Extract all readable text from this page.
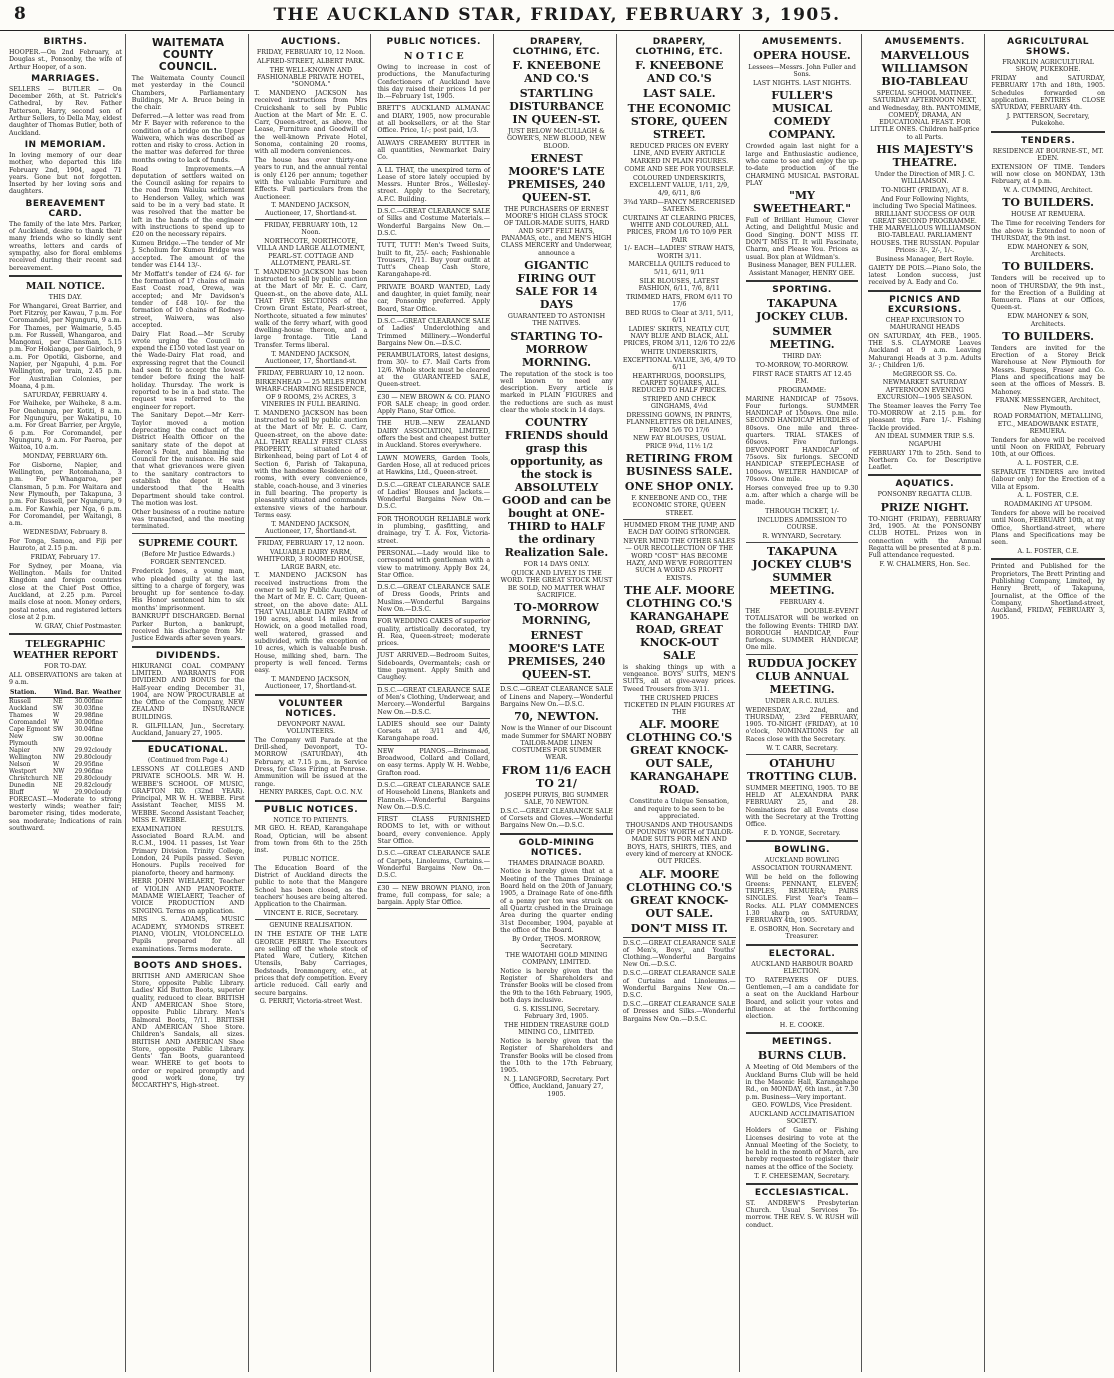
8	THE AUCKLAND STAR, FRIDAY, FEBRUARY 3, 1905.
BIRTHS.
HOOPER.—On 2nd February, at Douglas st., Ponsonby, the wife of Arthur Hooper, of a son.
MARRIAGES.
SELLERS — BUTLER — On December 26th, at St. Patrick's Cathedral, by Rev. Father Patterson, Harry, second son of Arthur Sellers, to Della May, eldest daughter of Thomas Butler, both of Auckland.
IN MEMORIAM.
In loving memory of our dear mother, who departed this life February 2nd, 1904, aged 71 years. Gone but not forgotten. Inserted by her loving sons and daughters.
BEREAVEMENT CARD.
The family of the late Mrs. Parker, of Auckland, desire to thank their many friends who so kindly sent wreaths, letters and cards of sympathy, also for floral emblems received during their recent sad bereavement.
MAIL NOTICE.
THIS DAY.
For Whangarei, Great Barrier, and Port Fitzroy, per Kawau, 7 p.m. For Coromandel, per Ngunguru, 9 a.m. For Thames, per Waimarie, 5.45 p.m. For Russell, Whangaroa, and Mangonui, per Clansman, 5.15 p.m. For Hokianga, per Gairloch, 9 a.m. For Opotiki, Gisborne, and Napier, per Ngapuhi, 4 p.m. For Wellington, per train, 2.45 p.m. For Australian Colonies, per Moana, 4 p.m.
SATURDAY, FEBRUARY 4.
For Waiheke, per Waiheke, 8 a.m. For Onehunga, per Kotiti, 8 a.m. For Ngunguru, per Wakatipu, 10 a.m. For Great Barrier, per Argyle, 6 p.m. For Coromandel, per Ngunguru, 9 a.m. For Paeroa, per Waitoa, 10 a.m.
MONDAY, FEBRUARY 6th.
For Gisborne, Napier, and Wellington, per Rotomahana, 3 p.m. For Whangaroa, per Clansman, 5 p.m. For Waitara and New Plymouth, per Takapuna, 3 p.m. For Russell, per Ngunguru, 9 a.m. For Kawhia, per Nga, 6 p.m. For Coromandel, per Waitangi, 8 a.m.
WEDNESDAY, February 8.
For Tonga, Samoa, and Fiji per Hauroto, at 2.15 p.m.
FRIDAY, February 17.
For Sydney, per Moana, via Wellington. Mails for United Kingdom and foreign countries close at the Chief Post Office, Auckland, at 2.25 p.m. Parcel mails close at noon. Money orders, postal notes, and registered letters close at 2 p.m.
W. GRAY, Chief Postmaster.
TELEGRAPHIC WEATHER REPORT
FOR TO-DAY.
ALL OBSERVATIONS are taken at 9 a.m.
Station.	Wind.	Bar.	Weather
Russell	NE	30.00	fine
Auckland	SW	30.03	fine
Thames	W	29.98	fine
Coromandel	W	30.00	fine
Cape Egmont	SW	30.04	fine
New Plymouth	SW	30.00	fine
Napier	NW	29.92	cloudy
Wellington	NW	29.80	cloudy
Nelson	W	29.95	fine
Westport	NW	29.96	fine
Christchurch	NE	29.80	cloudy
Dunedin	NE	29.82	cloudy
Bluff	W	29.90	cloudy
FORECAST.—Moderate to strong westerly winds; weather fair; barometer rising, tides moderate, sea moderate; Indications of rain southward.
WAITEMATA COUNTY COUNCIL.
The Waitemata County Council met yesterday in the Council Chambers, Parliamentary Buildings, Mr A. Bruce being in the chair.
Deferred.—A letter was read from Mr F. Bayer with reference to the condition of a bridge on the Upper Waiwera, which was described as rotten and risky to cross. Action in the matter was deferred for three months owing to lack of funds.
Road Improvements.—A deputation of settlers waited on the Council asking for repairs to the road from Waiuku settlement to Henderson Valley, which was said to be in a very bad state. It was resolved that the matter be left in the hands of the engineer with instructions to spend up to £20 on the necessary repairs.
Kumeu Bridge.—The tender of Mr J. Scholium for Kumeu Bridge was accepted. The amount of the tender was £144 13/-.
Mr Moffatt's tender of £24 6/- for the formation of 17 chains of main East Coast road, Orewa, was accepted; and Mr Davidson's tender of £48 10/- for the formation of 10 chains of Rodney-street, Waiwera, was also accepted.
Dairy Flat Road.—Mr Scruby wrote urging the Council to expend the £150 voted last year on the Wade-Dairy Flat road, and expressing regret that the Council had seen fit to accept the lowest tender before fixing the half-holiday. Thursday. The work is reported to be in a bad state. The request was referred to the engineer for report.
The Sanitary Depot.—Mr Kerr-Taylor moved a motion deprecating the conduct of the District Health Officer on the sanitary state of the depot at Heron's Point, and blaming the Council for the nuisance. He said that what grievances were given to the sanitary contractors to establish the depot it was understood that the Health Department should take control. The motion was lost.
Other business of a routine nature was transacted, and the meeting terminated.
SUPREME COURT.
(Before Mr Justice Edwards.)
FORGER SENTENCED.
Frederick Jones, a young man, who pleaded guilty at the last sitting to a charge of forgery, was brought up for sentence to-day. His Honor sentenced him to six months' imprisonment.
BANKRUPT DISCHARGED. Bernal Parker Burton, a bankrupt, received his discharge from Mr Justice Edwards after seven years.
DIVIDENDS.
HIKURANGI COAL COMPANY LIMITED. WARRANTS FOR DIVIDEND AND BONUS for the Half-year ending December 31, 1904, are NOW PROCURABLE at the Office of the Company, NEW ZEALAND INSURANCE BUILDINGS.
R. GILFILLAN, Jun., Secretary. Auckland, January 27, 1905.
EDUCATIONAL.
(Continued from Page 4.)
LESSONS AT COLLEGES AND PRIVATE SCHOOLS. MR W. H. WEBBE'S SCHOOL OF MUSIC, GRAFTON RD. (32nd YEAR). Principal, MR W. H. WEBBE. First Assistant Teacher, MISS M. WEBBE. Second Assistant Teacher, MISS E. WEBBE.
EXAMINATION RESULTS. Associated Board R.A.M. and R.C.M., 1904. 11 passes, 1st Year Primary Division. Trinity College, London, 24 Pupils passed. Seven Honours. Pupils received for pianoforte, theory and harmony.
HERR JOHN WIELAERT, Teacher of VIOLIN AND PIANOFORTE. MADAME WIELAERT, Teacher of VOICE PRODUCTION AND SINGING. Terms on application.
MRS S. ADAMS, MUSIC ACADEMY, SYMONDS STREET. PIANO, VIOLIN, VIOLONCELLO. Pupils prepared for all examinations. Terms moderate.
BOOTS AND SHOES.
BRITISH AND AMERICAN Shoe Store, opposite Public Library. Ladies' Kid Button Boots, superior quality, reduced to clear. BRITISH AND AMERICAN Shoe Store, opposite Public Library. Men's Balmoral Boots, 7/11. BRITISH AND AMERICAN Shoe Store. Children's Sandals, all sizes. BRITISH AND AMERICAN Shoe Store, opposite Public Library. Gents' Tan Boots, guaranteed wear. WHERE to get boots to order or repaired promptly and good work done, try MCCARTHY'S, High-street.
AUCTIONS.
FRIDAY, FEBRUARY 10, 12 Noon.
ALFRED-STREET, ALBERT PARK.
THE WELL-KNOWN AND FASHIONABLE PRIVATE HOTEL, "SONOMA."
T. MANDENO JACKSON has received instructions from Mrs Cruickshank to sell by Public Auction at the Mart of Mr. E. C. Carr, Queen-street, as above, the Lease, Furniture and Goodwill of the well-known Private Hotel, Sonoma, containing 20 rooms, with all modern conveniences.
The house has over thirty-one years to run, and the annual rental is only £126 per annum; together with the valuable Furniture and Effects. Full particulars from the Auctioneer.
T. MANDENO JACKSON, Auctioneer, 17, Shortland-st.
FRIDAY, FEBRUARY 10th, 12 Noon.
NORTHCOTE, NORTHCOTE, VILLA AND LARGE ALLOTMENT, PEARL-ST. COTTAGE AND ALLOTMENT, PEARL-ST.
T. MANDENO JACKSON has been instructed to sell by public auction at the Mart of Mr. E. C. Carr, Queen-st., on the above date, ALL THAT FIVE SECTIONS of the Crown Grant Estate, Pearl-street, Northcote, situated a few minutes' walk of the ferry wharf, with good dwelling-house thereon, and a large frontage. Title Land Transfer. Terms liberal.
T. MANDENO JACKSON, Auctioneer, 17, Shortland-st.
FRIDAY, FEBRUARY 10, 12 noon.
BIRKENHEAD — 25 MILES FROM WHARF-CHARMING RESIDENCE, OF 9 ROOMS, 2½ ACRES, 3 VINERIES IN FULL BEARING.
T. MANDENO JACKSON has been instructed to sell by public auction at the Mart of Mr. E. C. Carr, Queen-street, on the above date: ALL THAT REALLY FIRST CLASS PROPERTY, situated at Birkenhead, being part of Lot 4 of Section 6, Parish of Takapuna, with the handsome Residence of 9 rooms, with every convenience, stable, coach-house, and 3 vineries in full bearing. The property is pleasantly situated and commands extensive views of the harbour. Terms easy.
T. MANDENO JACKSON, Auctioneer, 17, Shortland-st.
FRIDAY, FEBRUARY 17, 12 noon.
VALUABLE DAIRY FARM, WHITFORD, 3 ROOMED HOUSE, LARGE BARN, etc.
T. MANDENO JACKSON has received instructions from the owner to sell by Public Auction, at the Mart of Mr. E. C. Carr, Queen-street, on the above date: ALL THAT VALUABLE DAIRY FARM of 190 acres, about 14 miles from Howick, on a good metalled road, well watered, grassed and subdivided, with the exception of 10 acres, which is valuable bush. House, milking shed, barn. The property is well fenced. Terms easy.
T. MANDENO JACKSON, Auctioneer, 17, Shortland-st.
VOLUNTEER NOTICES.
DEVONPORT NAVAL VOLUNTEERS.
The Company will Parade at the Drill-shed, Devonport, TO-MORROW (SATURDAY), 4th February, at 7.15 p.m., in Service Dress, for Class Firing at Penrose. Ammunition will be issued at the range.
HENRY PARKES, Capt. O.C. N.V.
PUBLIC NOTICES.
NOTICE TO PATIENTS.
MR GEO. H. READ, Karangahape Road, Optician, will be absent from town from 6th to the 25th inst.
PUBLIC NOTICE.
The Education Board of the District of Auckland directs the public to note that the Mangere School has been closed, as the teachers' houses are being altered. Application to the Chairman.
VINCENT E. RICE, Secretary.
GENUINE REALISATION.
IN THE ESTATE OF THE LATE GEORGE PERRIT. The Executors are selling off the whole stock of Plated Ware, Cutlery, Kitchen Utensils, Baby Carriages, Bedsteads, Ironmongery, etc., at prices that defy competition. Every article reduced. Call early and secure bargains.
G. PERRIT, Victoria-street West.
PUBLIC NOTICES.
N O T I C E
Owing to increase in cost of productions, the Manufacturing Confectioners of Auckland have this day raised their prices 1d per lb.—February 1st, 1905.
BRETT'S AUCKLAND ALMANAC and DIARY, 1905, now procurable at all booksellers, or at the Star Office. Price, 1/-; post paid, 1/3.
ALWAYS CREAMERY BUTTER in all quantities, Newmarket Dairy Co.
A LL THAT, the unexpired term of Lease of store lately occupied by Messrs. Hunter Bros., Wellesley-street. Apply to the Secretary, A.F.C. Building.
D.S.C.—GREAT CLEARANCE SALE of Silks and Costume Materials.—Wonderful Bargains New On.—D.S.C.
TUTT, TUTT! Men's Tweed Suits, built to fit, 25/- each; Fashionable Trousers, 7/11. Buy your outfit at Tutt's Cheap Cash Store, Karangahape-rd.
PRIVATE BOARD WANTED, Lady and daughter, in quiet family, near car, Ponsonby preferred. Apply Board, Star Office.
D.S.C.—GREAT CLEARANCE SALE of Ladies' Underclothing and Trimmed Millinery.—Wonderful Bargains New On.—D.S.C.
PERAMBULATORS, latest designs, from 30/- to £7. Mail Carts from 12/6. Whole stock must be cleared at the GUARANTEED SALE, Queen-street.
£30 — NEW BROWN & CO. PIANO FOR SALE cheap; in good order. Apply Piano, Star Office.
THE HUB.—NEW ZEALAND DAIRY ASSOCIATION, LIMITED, offers the best and cheapest butter in Auckland. Stores everywhere.
LAWN MOWERS, Garden Tools, Garden Hose, all at reduced prices at Hawkins, Ltd., Queen-street.
D.S.C.—GREAT CLEARANCE SALE of Ladies' Blouses and Jackets.—Wonderful Bargains New On.—D.S.C.
FOR THOROUGH RELIABLE work in plumbing, gasfitting, and drainage, try T. A. Fox, Victoria-street.
PERSONAL.—Lady would like to correspond with gentleman with a view to matrimony. Apply Box 24, Star Office.
D.S.C.—GREAT CLEARANCE SALE of Dress Goods, Prints and Muslins.—Wonderful Bargains New On.—D.S.C.
FOR WEDDING CAKES of superior quality, artistically decorated, try H. Rea, Queen-street; moderate prices.
JUST ARRIVED.—Bedroom Suites, Sideboards, Overmantels; cash or time payment. Apply Smith and Caughey.
D.S.C.—GREAT CLEARANCE SALE of Men's Clothing, Underwear, and Mercery.—Wonderful Bargains New On.—D.S.C.
LADIES should see our Dainty Corsets at 3/11 and 4/6, Karangahape road.
NEW PIANOS.—Brinsmead, Broadwood, Collard and Collard, on easy terms. Apply W. H. Webbe, Grafton road.
D.S.C.—GREAT CLEARANCE SALE of Household Linens, Blankets and Flannels.—Wonderful Bargains New On.—D.S.C.
FIRST CLASS FURNISHED ROOMS to let, with or without board, every convenience. Apply Star Office.
D.S.C.—GREAT CLEARANCE SALE of Carpets, Linoleums, Curtains.—Wonderful Bargains New On.—D.S.C.
£30 — NEW BROWN PIANO, iron frame, full compass, for sale; a bargain. Apply Star Office.
DRAPERY, CLOTHING, ETC.
F. KNEEBONE AND CO.'S
STARTLING DISTURBANCE IN QUEEN-ST.
JUST BELOW McCULLAGH & GOWER'S, NEW BLOOD, NEW BLOOD.
ERNEST MOORE'S LATE PREMISES, 240 QUEEN-ST.
THE PURCHASERS OF ERNEST MOORE'S HIGH CLASS STOCK OF TAILOR-MADE SUITS, HARD AND SOFT FELT HATS, PANAMAS, etc., and MEN'S HIGH CLASS MERCERY and Underwear, announce a
GIGANTIC FIRING OUT SALE FOR 14 DAYS
GUARANTEED TO ASTONISH THE NATIVES.
STARTING TO-MORROW MORNING.
The reputation of the stock is too well known to need any description. Every article is marked in PLAIN FIGURES and the reductions are such as must clear the whole stock in 14 days.
COUNTRY FRIENDS should grasp this opportunity, as the stock is ABSOLUTELY GOOD and can be bought at ONE-THIRD to HALF the ordinary Realization Sale.
FOR 14 DAYS ONLY.
QUICK AND LIVELY IS THE WORD. THE GREAT STOCK MUST BE SOLD, NO MATTER WHAT SACRIFICE.
TO-MORROW MORNING,
ERNEST MOORE'S LATE PREMISES, 240 QUEEN-ST.
D.S.C.—GREAT CLEARANCE SALE of Linens and Napery.—Wonderful Bargains New On.—D.S.C.
70, NEWTON.
Now is the Winner of our Discount made Summer for SMART NOBBY TAILOR-MADE LINEN COSTUMES FOR SUMMER WEAR.
FROM 11/6 EACH TO 21/
JOSEPH PURVIS, BIG SUMMER SALE, 70 NEWTON.
D.S.C.—GREAT CLEARANCE SALE of Corsets and Gloves.—Wonderful Bargains New On.—D.S.C.
GOLD-MINING NOTICES.
THAMES DRAINAGE BOARD.
Notice is hereby given that at a Meeting of the Thames Drainage Board held on the 20th of January, 1905, a Drainage Rate of one-fifth of a penny per ton was struck on all Quartz crushed in the Drainage Area during the quarter ending 31st December, 1904, payable at the office of the Board.
By Order, THOS. MORROW, Secretary.
THE WAIOTAHI GOLD MINING COMPANY, LIMITED.
Notice is hereby given that the Register of Shareholders and Transfer Books will be closed from the 9th to the 16th February, 1905, both days inclusive.
G. S. KISSLING, Secretary. February 3rd, 1905.
THE HIDDEN TREASURE GOLD MINING CO., LIMITED.
Notice is hereby given that the Register of Shareholders and Transfer Books will be closed from the 10th to the 17th February, 1905.
N. J. LANGFORD, Secretary. Port Office, Auckland, January 27, 1905.
DRAPERY, CLOTHING, ETC.
F. KNEEBONE AND CO.'S
LAST SALE.
THE ECONOMIC STORE, QUEEN STREET.
REDUCED PRICES ON EVERY LINE, AND EVERY ARTICLE MARKED IN PLAIN FIGURES.
COME AND SEE FOR YOURSELF.
COLOURED UNDERSKIRTS, EXCELLENT VALUE, 1/11, 2/9, 4/9, 6/11, 8/6
3¾d YARD—FANCY MERCERISED SATEENS.
CURTAINS AT CLEARING PRICES, WHITE AND COLOURED, ALL PRICES, FROM 1/6 TO 10/9 PER PAIR
1/- EACH—LADIES' STRAW HATS, WORTH 3/11.
MARCELLA QUILTS reduced to 5/11, 6/11, 9/11
SILK BLOUSES, LATEST FASHION, 6/11, 7/6, 8/11
TRIMMED HATS, FROM 6/11 TO 17/6
BED RUGS to Clear at 3/11, 5/11, 6/11
LADIES' SKIRTS, NEATLY CUT, NAVY BLUE AND BLACK, ALL PRICES, FROM 3/11, 12/6 TO 22/6
WHITE UNDERSKIRTS, EXCEPTIONAL VALUE, 3/6, 4/9 TO 6/11
HEARTHRUGS, DOORSLIPS, CARPET SQUARES, ALL REDUCED TO HALF PRICES.
STRIPED AND CHECK GINGHAMS, 4½d
DRESSING GOWNS, IN PRINTS, FLANNELETTES OR DELAINES, FROM 5/6 TO 17/6
NEW FAY BLOUSES, USUAL PRICE 9¾d, 11½ 1/2
RETIRING FROM BUSINESS SALE.
ONE SHOP ONLY.
F. KNEEBONE AND CO., THE ECONOMIC STORE, QUEEN STREET.
HUMMED FROM THE JUMP, AND EACH DAY GOING STRONGER.
NEVER MIND THE OTHER SALES — OUR RECOLLECTION OF THE WORD "COST" HAS BECOME HAZY, AND WE'VE FORGOTTEN SUCH A WORD AS PROFIT EXISTS.
THE ALF. MOORE CLOTHING CO.'S KARANGAHAPE ROAD, GREAT KNOCK-OUT SALE
is shaking things up with a vengeance. BOYS' SUITS, MEN'S SUITS, all at give-away prices. Tweed Trousers from 3/11.
THE CRUSHED PRICES TICKETED IN PLAIN FIGURES AT THE
ALF. MOORE CLOTHING CO.'S GREAT KNOCK-OUT SALE, KARANGAHAPE ROAD.
Constitute a Unique Sensation, and require to be seen to be appreciated.
THOUSANDS AND THOUSANDS OF POUNDS' WORTH of TAILOR-MADE SUITS FOR MEN AND BOYS, HATS, SHIRTS, TIES, and every kind of mercery at KNOCK-OUT PRICES.
ALF. MOORE CLOTHING CO.'S GREAT KNOCK-OUT SALE.
DON'T MISS IT.
D.S.C.—GREAT CLEARANCE SALE of Men's, Boys', and Youths' Clothing.—Wonderful Bargains New On.—D.S.C.
D.S.C.—GREAT CLEARANCE SALE of Curtains and Linoleums.—Wonderful Bargains New On.—D.S.C.
D.S.C.—GREAT CLEARANCE SALE of Dresses and Silks.—Wonderful Bargains New On.—D.S.C.
AMUSEMENTS.
OPERA HOUSE.
Lessees—Messrs. John Fuller and Sons.
LAST NIGHTS. LAST NIGHTS.
FULLER'S MUSICAL COMEDY COMPANY.
Crowded again last night for a large and Enthusiastic audience, who came to see and enjoy the up-to-date production of the CHARMING MUSICAL PASTORAL PLAY
"MY SWEETHEART."
Full of Brilliant Humour, Clever Acting, and Delightful Music and Good Singing. DON'T MISS IT. DON'T MISS IT. It will Fascinate, Charm, and Please You. Prices as usual. Box plan at Wildman's.
Business Manager, BEN FULLER. Assistant Manager, HENRY GEE.
SPORTING.
TAKAPUNA JOCKEY CLUB.
SUMMER MEETING.
THIRD DAY:
TO-MORROW, TO-MORROW.
FIRST RACE STARTS AT 12.45 P.M.
PROGRAMME:
MARINE HANDICAP of 75sovs. Four furlongs. SUMMER HANDICAP of 150sovs. One mile. SECOND HANDICAP HURDLES of 80sovs. One mile and three-quarters. TRIAL STAKES of 60sovs. Five furlongs. DEVONPORT HANDICAP of 75sovs. Six furlongs. SECOND HANDICAP STEEPLECHASE of 100sovs. WELTER HANDICAP of 70sovs. One mile.
Horses conveyed free up to 9.30 a.m. after which a charge will be made.
THROUGH TICKET, 1/-
INCLUDES ADMISSION TO COURSE.
R. WYNYARD, Secretary.
TAKAPUNA JOCKEY CLUB'S SUMMER MEETING.
FEBRUARY 4.
THE DOUBLE-EVENT TOTALISATOR will be worked on the following Events: THIRD DAY. BOROUGH HANDICAP, Four furlongs. SUMMER HANDICAP, One mile.
RUDDUA JOCKEY CLUB ANNUAL MEETING.
UNDER A.R.C. RULES.
WEDNESDAY, 22nd, and THURSDAY, 23rd FEBRUARY, 1905. TO-NIGHT (FRIDAY), at 10 o'clock, NOMINATIONS for all Races close with the Secretary.
W. T. CARR, Secretary.
OTAHUHU TROTTING CLUB.
SUMMER MEETING, 1905. TO BE HELD AT ALEXANDRA PARK FEBRUARY 25, and 28. Nominations for all Events close with the Secretary at the Trotting Office.
F. D. YONGE, Secretary.
BOWLING.
AUCKLAND BOWLING ASSOCIATION TOURNAMENT.
Will be held on the following Greens: PENNANT, ELEVEN; TRIPLES, REMUERA; PAIRS SINGLES. First Year's Team—Rocks. ALL PLAY COMMENCES 1.30 sharp on SATURDAY, FEBRUARY 4th, 1905.
E. OSBORN, Hon. Secretary and Treasurer.
ELECTORAL.
AUCKLAND HARBOUR BOARD ELECTION.
TO RATEPAYERS OF DUES. Gentlemen,—I am a candidate for a seat on the Auckland Harbour Board, and solicit your votes and influence at the forthcoming election.
H. E. COOKE.
MEETINGS.
BURNS CLUB.
A Meeting of Old Members of the Auckland Burns Club will be held in the Masonic Hall, Karangahape Rd., on MONDAY, 6th inst., at 7.30 p.m. Business—Very important.
GEO. FOWLDS, Vice President.
AUCKLAND ACCLIMATISATION SOCIETY.
Holders of Game or Fishing Licenses desiring to vote at the Annual Meeting of the Society, to be held in the month of March, are hereby requested to register their names at the office of the Society.
T. F. CHEESEMAN, Secretary.
ECCLESIASTICAL.
ST. ANDREW'S Presbyterian Church. Usual Services To-morrow. THE REV. S. W. RUSH will conduct.
AMUSEMENTS.
MARVELLOUS WILLIAMSON BIO-TABLEAU
SPECIAL SCHOOL MATINEE. SATURDAY AFTERNOON NEXT, and Wednesday, 8th. PANTOMIME, COMEDY, DRAMA, AN EDUCATIONAL FEAST. FOR LITTLE ONES. Children half-price to all Parts.
HIS MAJESTY'S THEATRE.
Under the Direction of MR J. C. WILLIAMSON.
TO-NIGHT (FRIDAY), AT 8.
And Four Following Nights, including Two Special Matinees. BRILLIANT SUCCESS OF OUR GREAT SECOND PROGRAMME. THE MARVELLOUS WILLIAMSON BIO-TABLEAU. PARLIAMENT HOUSES. THE RUSSIAN. Popular Prices: 3/-, 2/-, 1/-.
Business Manager, Bert Royle.
GAIETY DE POIS.—Piano Solo, the latest London success, just received by A. Eady and Co.
PICNICS AND EXCURSIONS.
CHEAP EXCURSION TO MAHURANGI HEADS
ON SATURDAY, 4th FEB., 1905. THE S.S. CLAYMORE Leaves Auckland at 9 a.m. Leaving Mahurangi Heads at 3 p.m. Adults 3/- ; Children 1/6.
McGREGOR SS. Co.
NEWMARKET SATURDAY AFTERNOON EVENING EXCURSION—1905 SEASON.
The Steamer leaves the Ferry Tee TO-MORROW at 2.15 p.m. for pleasant trip. Fare 1/-. Fishing Tackle provided.
AN IDEAL SUMMER TRIP. S.S. NGAPUHI
FEBRUARY 17th to 25th. Send to Northern Co. for Descriptive Leaflet.
AQUATICS.
PONSONBY REGATTA CLUB.
PRIZE NIGHT.
TO-NIGHT (FRIDAY), FEBRUARY 3rd, 1905. At the PONSONBY CLUB HOTEL. Prizes won in connection with the Annual Regatta will be presented at 8 p.m. Full attendance requested.
F. W. CHALMERS, Hon. Sec.
AGRICULTURAL SHOWS.
FRANKLIN AGRICULTURAL SHOW, PUKEKOHE.
FRIDAY and SATURDAY, FEBRUARY 17th and 18th, 1905. Schedules forwarded on application. ENTRIES CLOSE SATURDAY, FEBRUARY 4th.
J. PATTERSON, Secretary, Pukekohe.
TENDERS.
RESIDENCE AT BOURNE-ST., MT. EDEN.
EXTENSION OF TIME. Tenders will now close on MONDAY, 13th February, at 4 p.m.
W. A. CUMMING, Architect.
TO BUILDERS.
HOUSE AT REMUERA.
The Time for receiving Tenders for the above is Extended to noon of THURSDAY, the 9th inst.
EDW. MAHONEY & SON, Architects.
TO BUILDERS.
Tenders will be received up to noon of THURSDAY, the 9th inst., for the Erection of a Building at Remuera. Plans at our Offices, Queen-st.
EDW. MAHONEY & SON, Architects.
TO BUILDERS.
Tenders are invited for the Erection of a Storey Brick Warehouse at New Plymouth for Messrs. Burgess, Fraser and Co. Plans and specifications may be seen at the offices of Messrs. B. Mahoney.
FRANK MESSENGER, Architect, New Plymouth.
ROAD FORMATION, METALLING, ETC., MEADOWBANK ESTATE, REMUERA.
Tenders for above will be received until Noon on FRIDAY, February 10th, at our Offices.
A. L. FOSTER, C.E.
SEPARATE TENDERS are invited (labour only) for the Erection of a Villa at Epsom.
A. L. FOSTER, C.E.
ROADMAKING AT UPSOM.
Tenders for above will be received until Noon, FEBRUARY 10th, at my Office, Shortland-street, where Plans and Specifications may be seen.
A. L. FOSTER, C.E.
Printed and Published for the Proprietors, The Brett Printing and Publishing Company, Limited, by Henry Brett, of Takapuna, Journalist, at the Office of the Company, Shortland-street, Auckland, FRIDAY, FEBRUARY 3, 1905.
